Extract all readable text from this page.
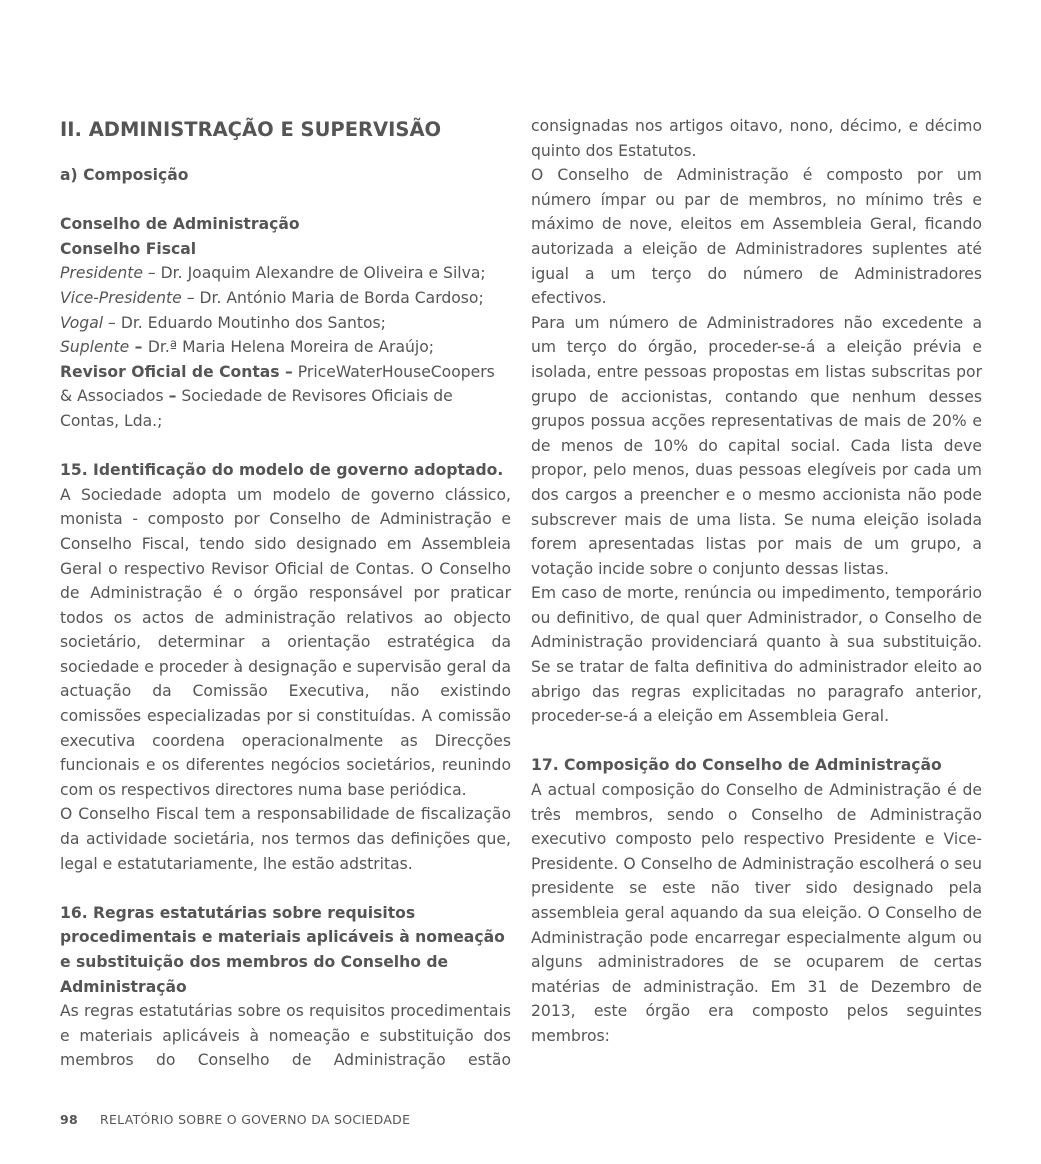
II. ADMINISTRAÇÃO E SUPERVISÃO

a) Composição

Conselho de Administração

Conselho Fiscal

Presidente – Dr. Joaquim Alexandre de Oliveira e Silva;

Vice-Presidente – Dr. António Maria de Borda Cardoso;

Vogal – Dr. Eduardo Moutinho dos Santos;

Suplente – Dr.ª Maria Helena Moreira de Araújo;

Revisor Oficial de Contas – PriceWaterHouseCoopers & Associados – Sociedade de Revisores Oficiais de Contas, Lda.;

15. Identificação do modelo de governo adoptado.

A Sociedade adopta um modelo de governo clássico, monista - composto por Conselho de Administração e Conselho Fiscal, tendo sido designado em Assembleia Geral o respectivo Revisor Oficial de Contas. O Conselho de Administração é o órgão responsável por praticar todos os actos de administração relativos ao objecto societário, determinar a orientação estratégica da sociedade e proceder à designação e supervisão geral da actuação da Comissão Executiva, não existindo comissões especializadas por si constituídas. A comissão executiva coordena operacionalmente as Direcções funcionais e os diferentes negócios societários, reunindo com os respectivos directores numa base periódica.

O Conselho Fiscal tem a responsabilidade de fiscalização da actividade societária, nos termos das definições que, legal e estatutariamente, lhe estão adstritas.

16. Regras estatutárias sobre requisitos procedimentais e materiais aplicáveis à nomeação e substituição dos membros do Conselho de Administração

As regras estatutárias sobre os requisitos procedimentais e materiais aplicáveis à nomeação e substituição dos membros do Conselho de Administração estão

consignadas nos artigos oitavo, nono, décimo, e décimo quinto dos Estatutos.

O Conselho de Administração é composto por um número ímpar ou par de membros, no mínimo três e máximo de nove, eleitos em Assembleia Geral, ficando autorizada a eleição de Administradores suplentes até igual a um terço do número de Administradores efectivos.

Para um número de Administradores não excedente a um terço do órgão, proceder-se-á a eleição prévia e isolada, entre pessoas propostas em listas subscritas por grupo de accionistas, contando que nenhum desses grupos possua acções representativas de mais de 20% e de menos de 10% do capital social. Cada lista deve propor, pelo menos, duas pessoas elegíveis por cada um dos cargos a preencher e o mesmo accionista não pode subscrever mais de uma lista. Se numa eleição isolada forem apresentadas listas por mais de um grupo, a votação incide sobre o conjunto dessas listas.

Em caso de morte, renúncia ou impedimento, temporário ou definitivo, de qual quer Administrador, o Conselho de Administração providenciará quanto à sua substituição. Se se tratar de falta definitiva do administrador eleito ao abrigo das regras explicitadas no paragrafo anterior, proceder-se-á a eleição em Assembleia Geral.

17. Composição do Conselho de Administração

A actual composição do Conselho de Administração é de três membros, sendo o Conselho de Administração executivo composto pelo respectivo Presidente e Vice-Presidente. O Conselho de Administração escolherá o seu presidente se este não tiver sido designado pela assembleia geral aquando da sua eleição. O Conselho de Administração pode encarregar especialmente algum ou alguns administradores de se ocuparem de certas matérias de administração. Em 31 de Dezembro de 2013, este órgão era composto pelos seguintes membros:

98 RELATÓRIO SOBRE O GOVERNO DA SOCIEDADE
